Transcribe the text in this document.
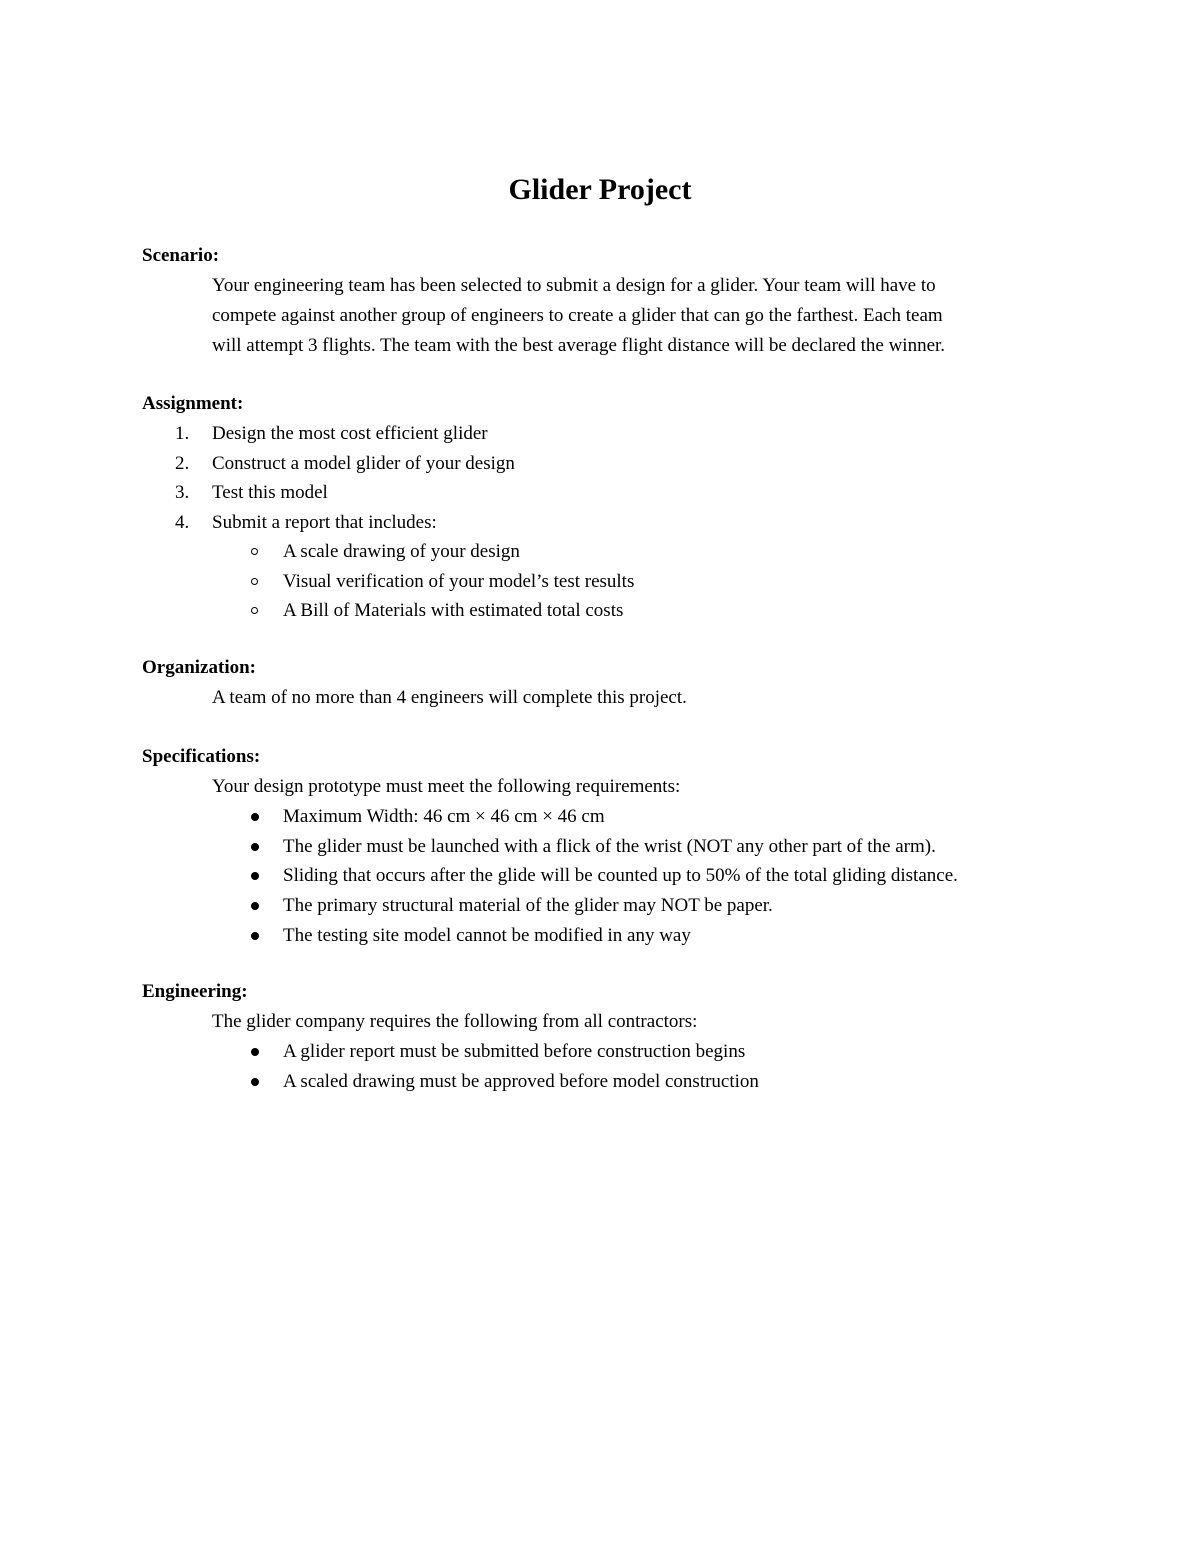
Glider Project
Scenario:

Your engineering team has been selected to submit a design for a glider. Your team will have to

compete against another group of engineers to create a glider that can go the farthest. Each team

will attempt 3 flights. The team with the best average flight distance will be declared the winner.

Assignment:
1. Design the most cost efficient glider
2. Construct a model glider of your design
3. Test this model
4. Submit a report that includes:
A scale drawing of your design
Visual verification of your model’s test results
A Bill of Materials with estimated total costs
Organization:

A team of no more than 4 engineers will complete this project.

Specifications:

Your design prototype must meet the following requirements:

Maximum Width: 46 cm × 46 cm × 46 cm
The glider must be launched with a flick of the wrist (NOT any other part of the arm).
Sliding that occurs after the glide will be counted up to 50% of the total gliding distance.
The primary structural material of the glider may NOT be paper.
The testing site model cannot be modified in any way
Engineering:

The glider company requires the following from all contractors:

A glider report must be submitted before construction begins
A scaled drawing must be approved before model construction
